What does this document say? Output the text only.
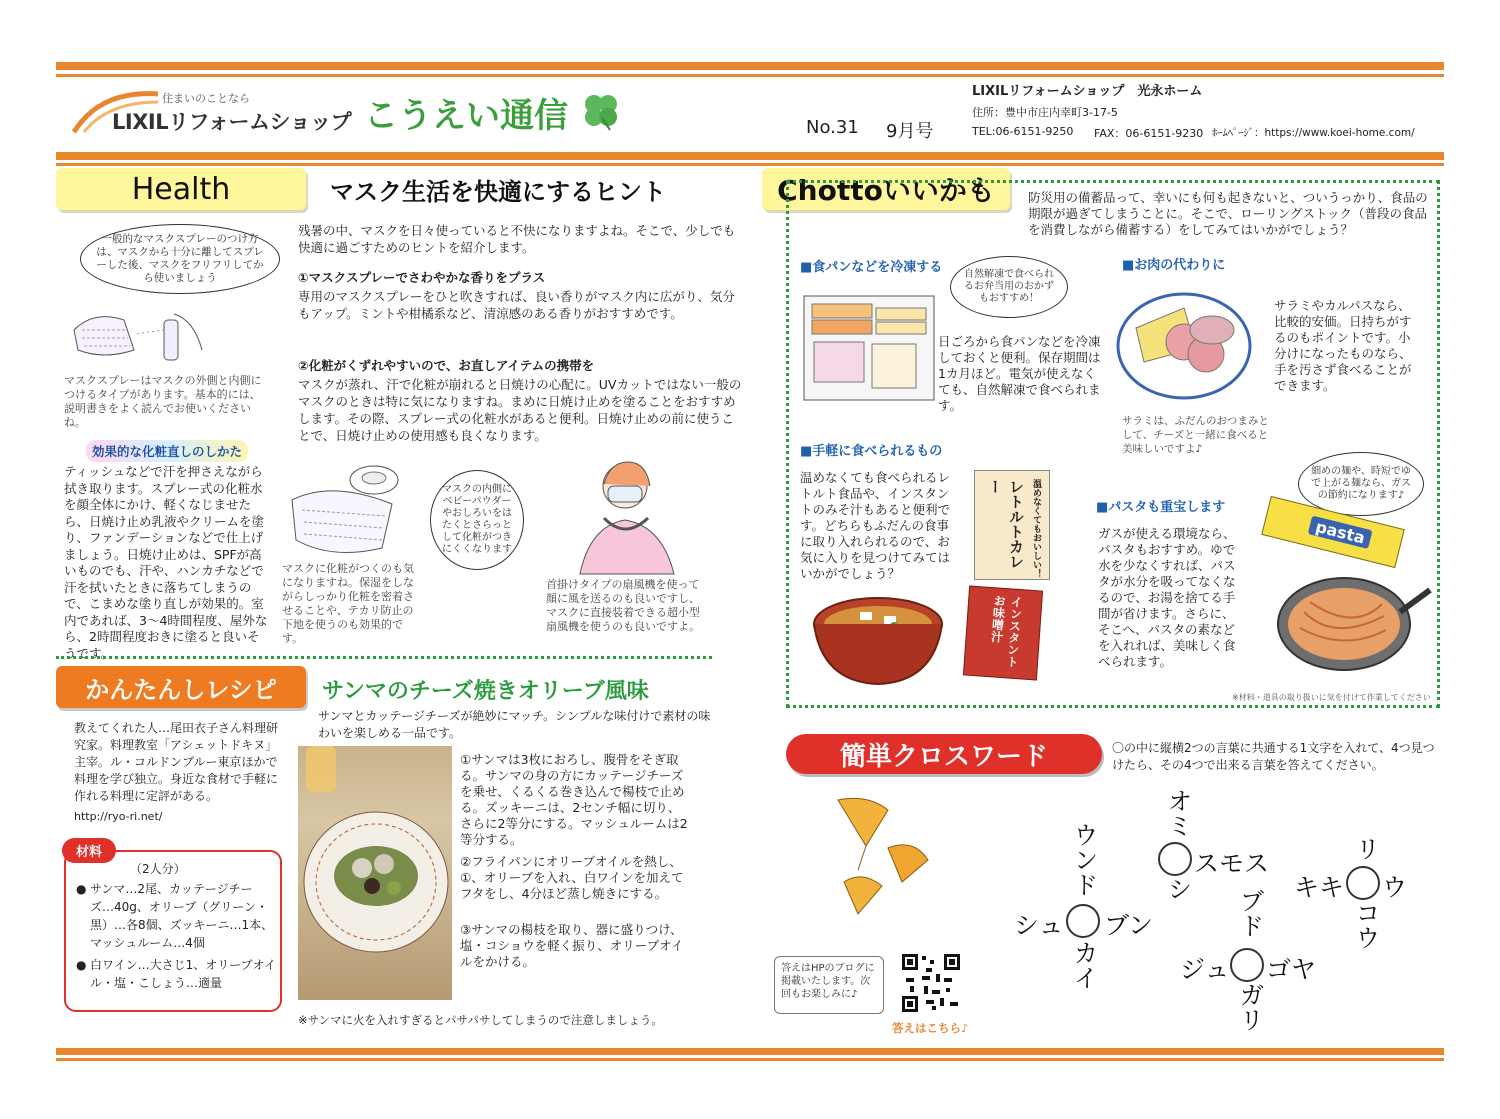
住まいのことなら
LIXILリフォームショップ こうえい通信	No.31 9月号
LIXILリフォームショップ　光永ホーム
住所：豊中市庄内幸町3-17-5
TEL:06-6151-9250 FAX：06-6151-9230 ﾎｰﾑﾍﾟｰｼﾞ：https://www.koei-home.com/
Health	マスク生活を快適にするヒント
一般的なマスクスプレーのつけ方は、マスクから十分に離してスプレーした後、マスクをフリフリしてから使いましょう
マスクスプレーはマスクの外側と内側につけるタイプがあります。基本的には、説明書きをよく読んでお使いくださいね。
効果的な化粧直しのしかた
ティッシュなどで汗を押さえながら拭き取ります。スプレー式の化粧水を顔全体にかけ、軽くなじませたら、日焼け止め乳液やクリームを塗り、ファンデーションなどで仕上げましょう。日焼け止めは、SPFが高いものでも、汗や、ハンカチなどで汗を拭いたときに落ちてしまうので、こまめな塗り直しが効果的。室内であれば、3～4時間程度、屋外なら、2時間程度おきに塗ると良いそうです。
残暑の中、マスクを日々使っていると不快になりますよね。そこで、少しでも快適に過ごすためのヒントを紹介します。
①マスクスプレーでさわやかな香りをプラス
専用のマスクスプレーをひと吹きすれば、良い香りがマスク内に広がり、気分もアップ。ミントや柑橘系など、清涼感のある香りがおすすめです。
②化粧がくずれやすいので、お直しアイテムの携帯を
マスクが蒸れ、汗で化粧が崩れると日焼けの心配に。UVカットではない一般のマスクのときは特に気になりますね。まめに日焼け止めを塗ることをおすすめします。その際、スプレー式の化粧水があると便利。日焼け止めの前に使うことで、日焼け止めの使用感も良くなります。
マスクの内側にベビーパウダーやおしろいをはたくとさらっとして化粧がつきにくくなります
マスクに化粧がつくのも気になりますね。保湿をしながらしっかり化粧を密着させることや、テカリ防止の下地を使うのも効果的です。
首掛けタイプの扇風機を使って顔に風を送るのも良いですし、マスクに直接装着できる超小型扇風機を使うのも良いですよ。
Chottoいいかも	防災用の備蓄品って、幸いにも何も起きないと、ついうっかり、食品の期限が過ぎてしまうことに。そこで、ローリングストック（普段の食品を消費しながら備蓄する）をしてみてはいかがでしょう？
■食パンなどを冷凍する 自然解凍で食べられるお弁当用のおかずもおすすめ！
日ごろから食パンなどを冷凍しておくと便利。保存期間は1カ月ほど。電気が使えなくても、自然解凍で食べられます。
■お肉の代わりに
サラミやカルパスなら、比較的安価。日持ちがするのもポイントです。小分けになったものなら、手を汚さず食べることができます。
サラミは、ふだんのおつまみとして、チーズと一緒に食べると美味しいですよ♪
■手軽に食べられるもの
温めなくても食べられるレトルト食品や、インスタントのみそ汁もあると便利です。どちらもふだんの食事に取り入れられるので、お気に入りを見つけてみてはいかがでしょう？	温めなくてもおいしい！
レトルトカレー
インスタントお味噌汁
■パスタも重宝します
細めの麺や、時短でゆで上がる麺なら、ガスの節約になります♪
ガスが使える環境なら、パスタもおすすめ。ゆで水を少なくすれば、パスタが水分を吸ってなくなるので、お湯を捨てる手間が省けます。さらに、そこへ、パスタの素などを入れれば、美味しく食べられます。
pasta
※材料・道具の取り扱いに気を付けて作業してください
かんたんしレシピ サンマのチーズ焼きオリーブ風味
教えてくれた人…尾田衣子さん料理研究家。料理教室「アシェットドキヌ」主宰。ル・コルドンブルー東京ほかで料理を学び独立。身近な食材で手軽に作れる料理に定評がある。
http://ryo-ri.net/
材料
（2人分）
● サンマ…2尾、カッテージチーズ…40g、オリーブ（グリーン・黒）…各8個、ズッキーニ…1本、マッシュルーム…4個
● 白ワイン…大さじ1、オリーブオイル・塩・こしょう…適量
サンマとカッテージチーズが絶妙にマッチ。シンプルな味付けで素材の味わいを楽しめる一品です。
①サンマは3枚におろし、腹骨をそぎ取る。サンマの身の方にカッテージチーズを乗せ、くるくる巻き込んで楊枝で止める。ズッキーニは、2センチ幅に切り、さらに2等分にする。マッシュルームは2等分する。
②フライパンにオリーブオイルを熱し、①、オリーブを入れ、白ワインを加えてフタをし、4分ほど蒸し焼きにする。
③サンマの楊枝を取り、器に盛りつけ、塩・コショウを軽く振り、オリーブオイルをかける。
※サンマに火を入れすぎるとパサパサしてしまうので注意しましょう。
簡単クロスワード	〇の中に縦横2つの言葉に共通する1文字を入れて、4つ見つけたら、その4つで出来る言葉を答えてください。
ウンド
シュ ブン
カイ
オミ
スモス
シ
リ
キキ ウ
コウ
ブド
ジュ ゴヤ
ガリ
答えはHPのブログに掲載いたします。次回もお楽しみに♪
答えはこちら♪
